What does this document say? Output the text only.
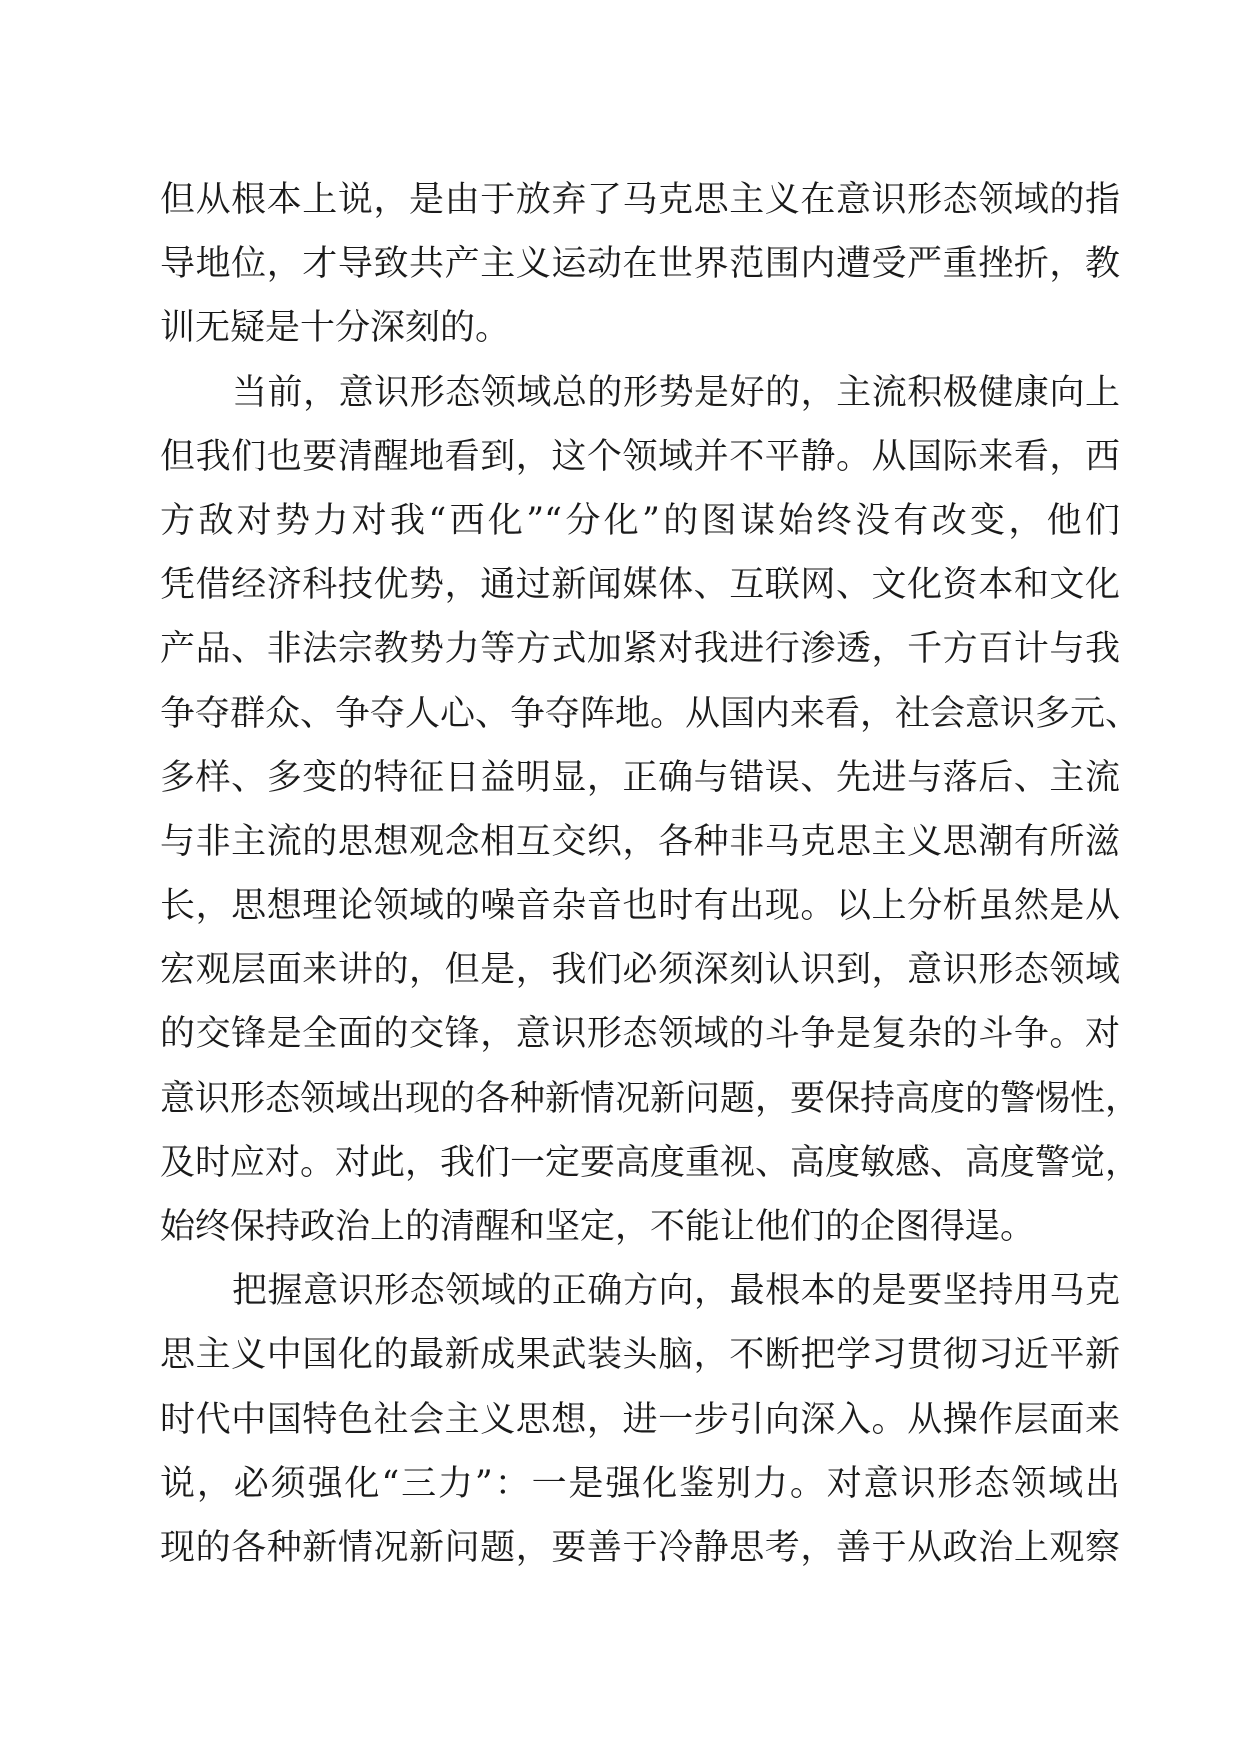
但从根本上说，是由于放弃了马克思主义在意识形态领域的指
导地位，才导致共产主义运动在世界范围内遭受严重挫折，教
训无疑是十分深刻的。
当前，意识形态领域总的形势是好的，主流积极健康向上
但我们也要清醒地看到，这个领域并不平静。从国际来看，西
方敌对势力对我“西化”“分化”的图谋始终没有改变，他们
凭借经济科技优势，通过新闻媒体、互联网、文化资本和文化
产品、非法宗教势力等方式加紧对我进行渗透，千方百计与我
争夺群众、争夺人心、争夺阵地。从国内来看，社会意识多元、
多样、多变的特征日益明显，正确与错误、先进与落后、主流
与非主流的思想观念相互交织，各种非马克思主义思潮有所滋
长，思想理论领域的噪音杂音也时有出现。以上分析虽然是从
宏观层面来讲的，但是，我们必须深刻认识到，意识形态领域
的交锋是全面的交锋，意识形态领域的斗争是复杂的斗争。对
意识形态领域出现的各种新情况新问题，要保持高度的警惕性，
及时应对。对此，我们一定要高度重视、高度敏感、高度警觉，
始终保持政治上的清醒和坚定，不能让他们的企图得逞。
把握意识形态领域的正确方向，最根本的是要坚持用马克
思主义中国化的最新成果武装头脑，不断把学习贯彻习近平新
时代中国特色社会主义思想，进一步引向深入。从操作层面来
说，必须强化“三力”：一是强化鉴别力。对意识形态领域出
现的各种新情况新问题，要善于冷静思考，善于从政治上观察
